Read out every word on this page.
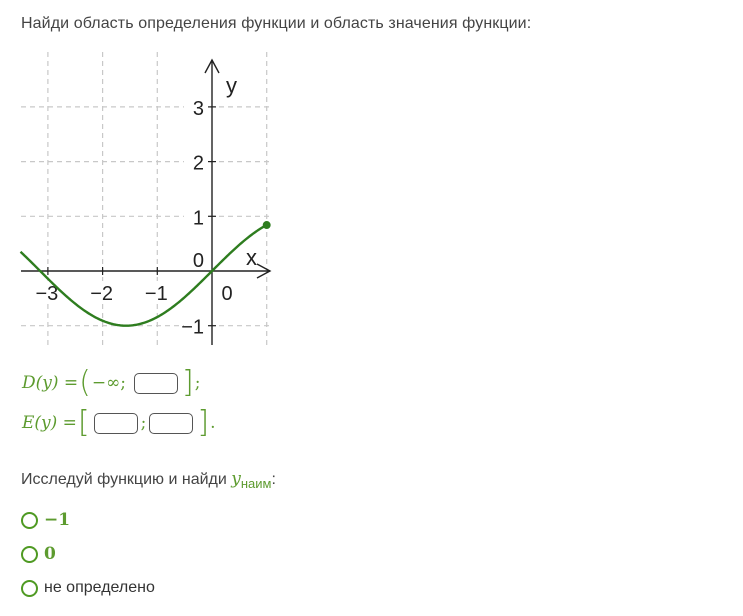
Найди область определения функции и область значения функции:
−3 −2 −1	0
3
2
1
0
−1
y
x
D(y) = ( −∞; ] ;
E(y) = [	; ] .
Исследуй функцию и найди $y_{наим}$:
−1
0
не определено
